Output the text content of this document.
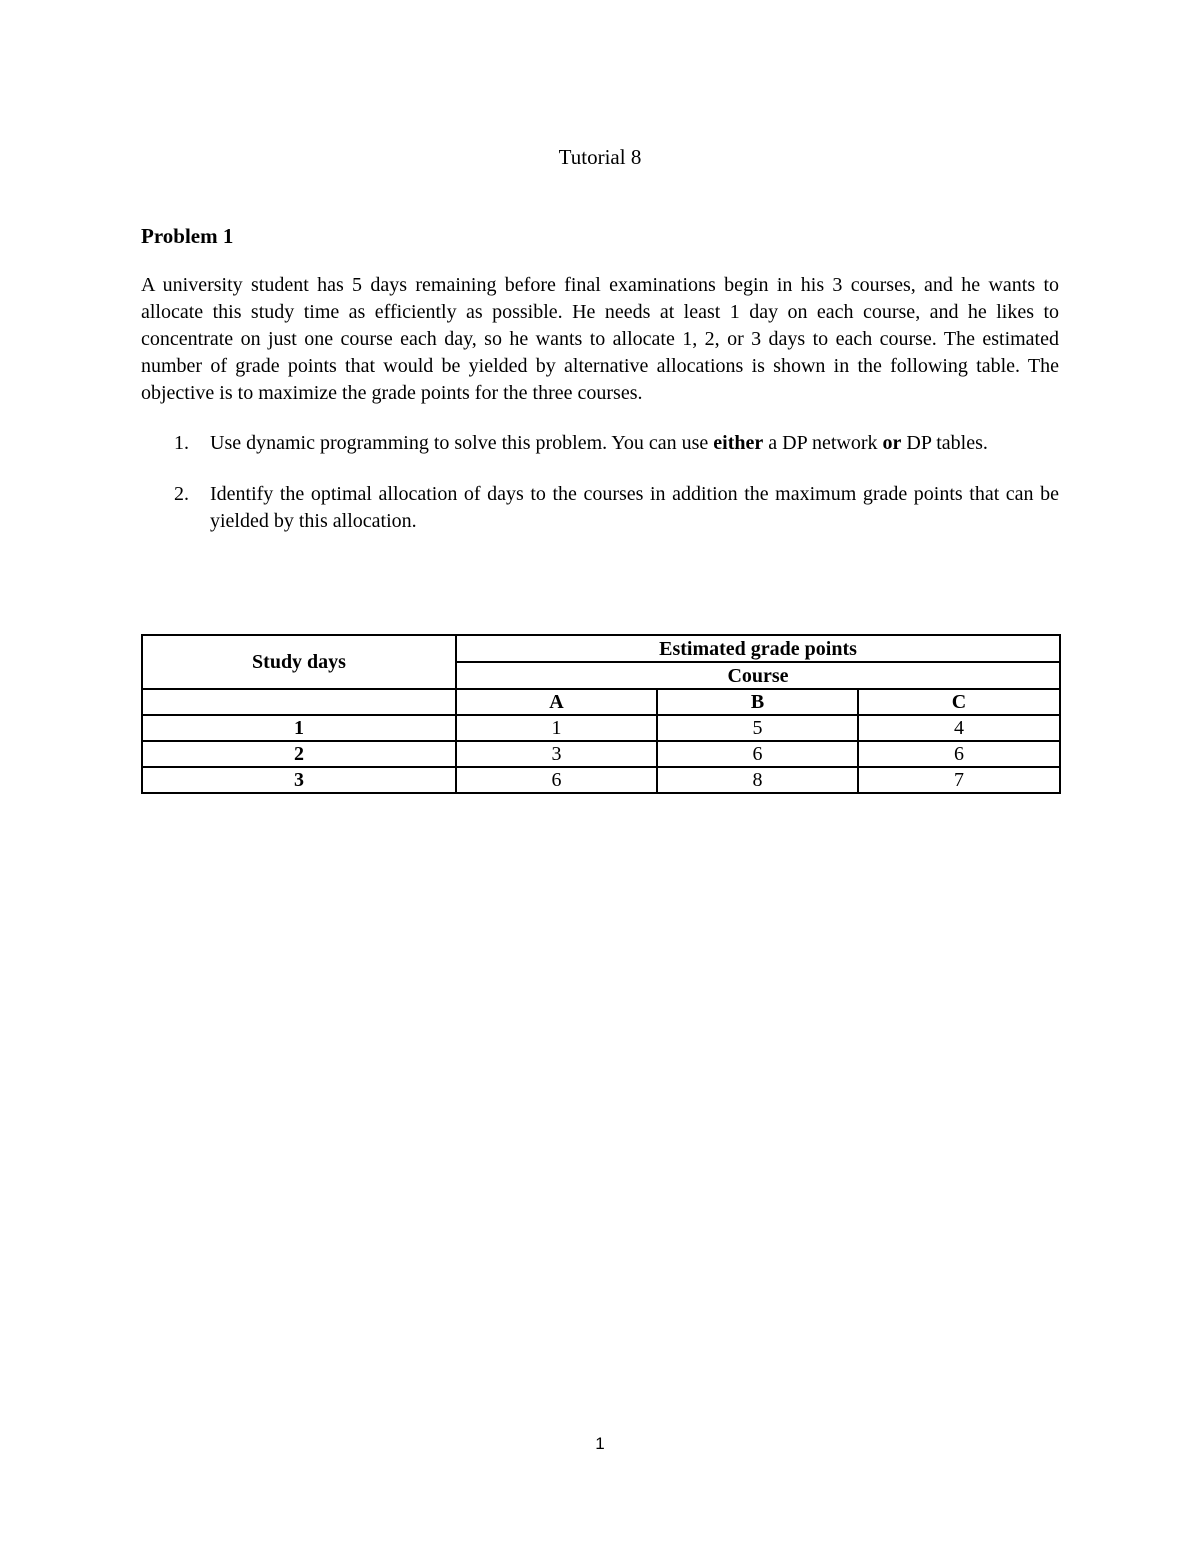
Tutorial 8
Problem 1

A university student has 5 days remaining before final examinations begin in his 3 courses, and he wants to allocate this study time as efficiently as possible. He needs at least 1 day on each course, and he likes to concentrate on just one course each day, so he wants to allocate 1, 2, or 3 days to each course. The estimated number of grade points that would be yielded by alternative allocations is shown in the following table. The objective is to maximize the grade points for the three courses.

1. Use dynamic programming to solve this problem. You can use either a DP network or DP tables.
2. Identify the optimal allocation of days to the courses in addition the maximum grade points that can be yielded by this allocation.
Study days	Estimated grade points		
	Course		
	A	B	C
1	1	5	4
2	3	6	6
3	6	8	7
1
